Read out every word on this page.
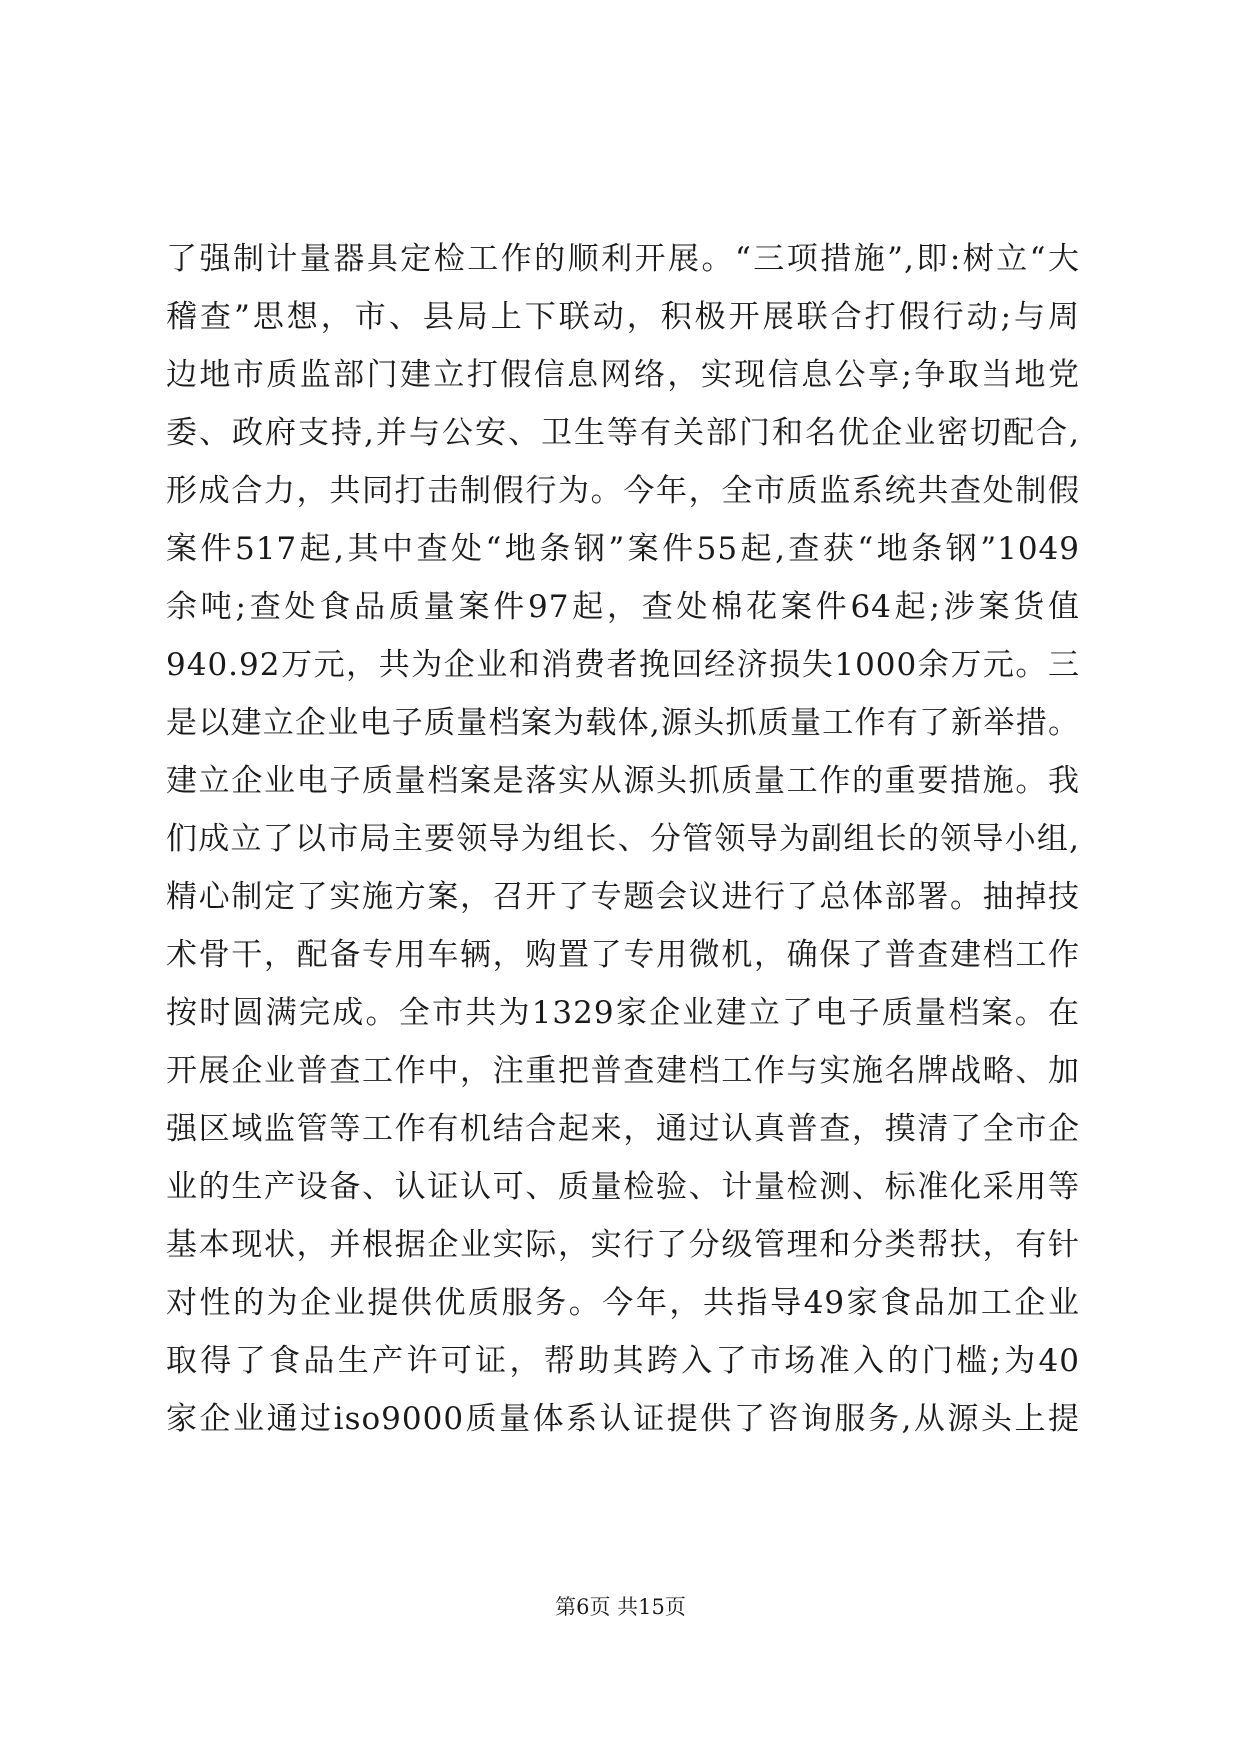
了强制计量器具定检工作的顺利开展。“三项措施”,即:树立“大
稽查”思想，市、县局上下联动，积极开展联合打假行动;与周
边地市质监部门建立打假信息网络，实现信息公享;争取当地党
委、政府支持,并与公安、卫生等有关部门和名优企业密切配合,
形成合力，共同打击制假行为。今年，全市质监系统共查处制假
案件517起,其中查处“地条钢”案件55起,查获“地条钢”1049
余吨;查处食品质量案件97起，查处棉花案件64起;涉案货值
940.92万元，共为企业和消费者挽回经济损失1000余万元。三
是以建立企业电子质量档案为载体,源头抓质量工作有了新举措。
建立企业电子质量档案是落实从源头抓质量工作的重要措施。我
们成立了以市局主要领导为组长、分管领导为副组长的领导小组,
精心制定了实施方案，召开了专题会议进行了总体部署。抽掉技
术骨干，配备专用车辆，购置了专用微机，确保了普查建档工作
按时圆满完成。全市共为1329家企业建立了电子质量档案。在
开展企业普查工作中，注重把普查建档工作与实施名牌战略、加
强区域监管等工作有机结合起来，通过认真普查，摸清了全市企
业的生产设备、认证认可、质量检验、计量检测、标准化采用等
基本现状，并根据企业实际，实行了分级管理和分类帮扶，有针
对性的为企业提供优质服务。今年，共指导49家食品加工企业
取得了食品生产许可证，帮助其跨入了市场准入的门槛;为40
家企业通过iso9000质量体系认证提供了咨询服务,从源头上提
第6页 共15页
